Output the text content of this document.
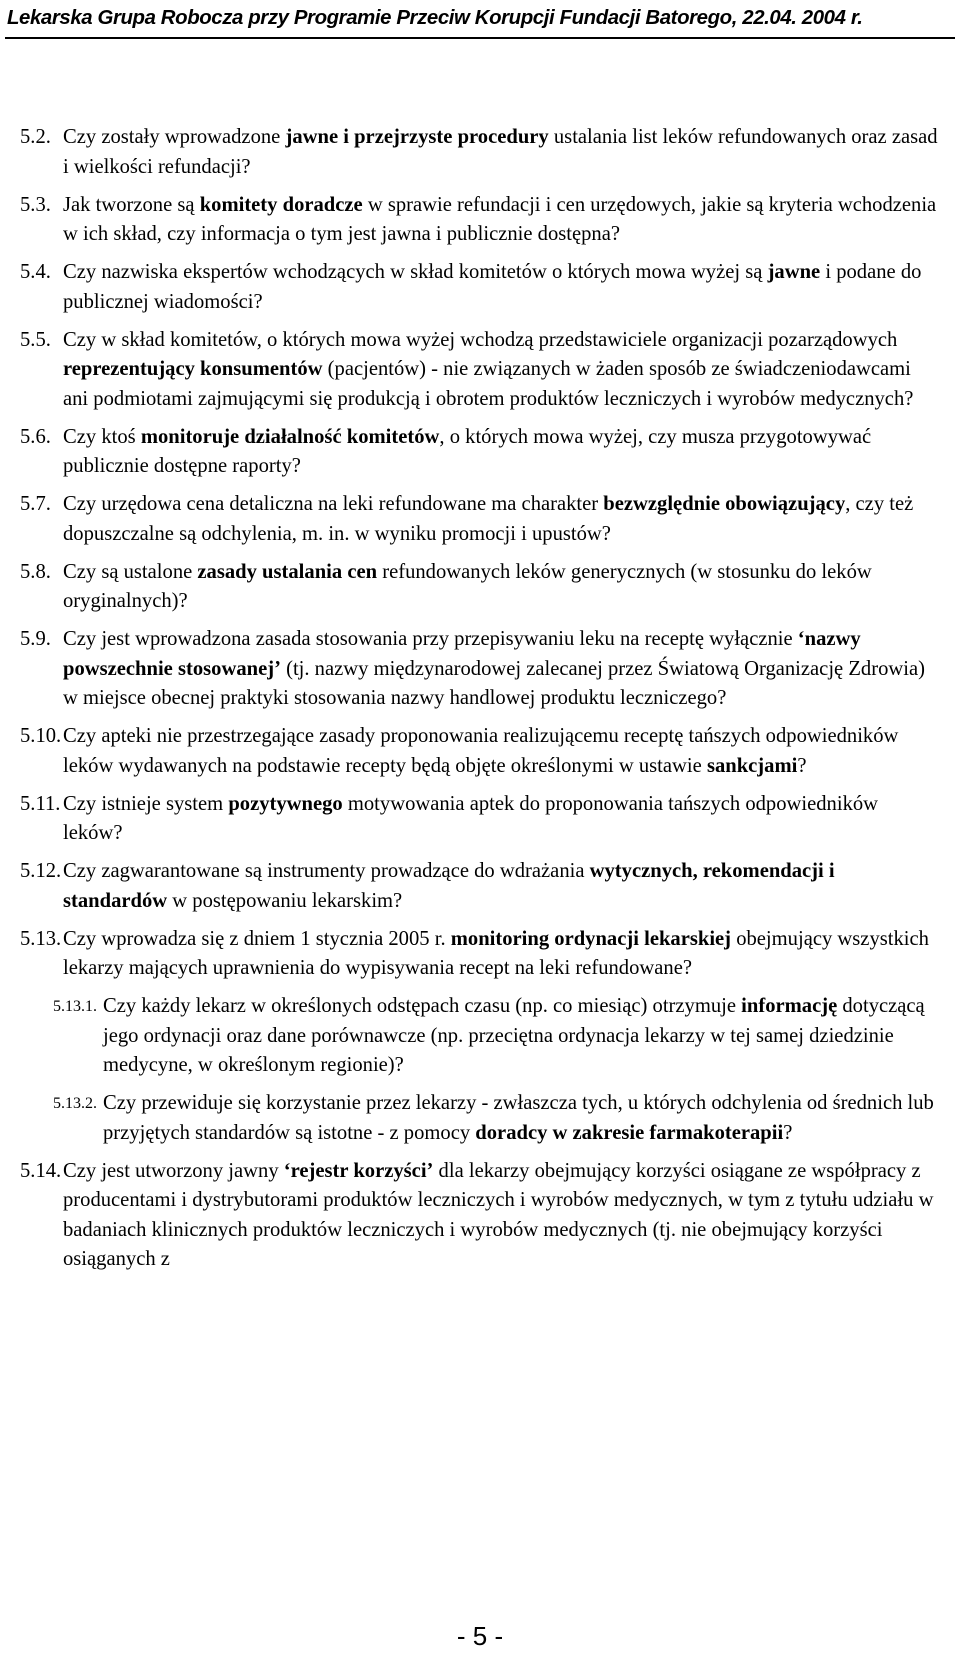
Lekarska Grupa Robocza przy Programie Przeciw Korupcji Fundacji Batorego, 22.04. 2004 r.
5.2. Czy zostały wprowadzone jawne i przejrzyste procedury ustalania list leków refundowanych oraz zasad i wielkości refundacji?

5.3. Jak tworzone są komitety doradcze w sprawie refundacji i cen urzędowych, jakie są kryteria wchodzenia w ich skład, czy informacja o tym jest jawna i publicznie dostępna?

5.4. Czy nazwiska ekspertów wchodzących w skład komitetów o których mowa wyżej są jawne i podane do publicznej wiadomości?

5.5. Czy w skład komitetów, o których mowa wyżej wchodzą przedstawiciele organizacji pozarządowych reprezentujący konsumentów (pacjentów) - nie związanych w żaden sposób ze świadczeniodawcami ani podmiotami zajmującymi się produkcją i obrotem produktów leczniczych i wyrobów medycznych?

5.6. Czy ktoś monitoruje działalność komitetów, o których mowa wyżej, czy musza przygotowywać publicznie dostępne raporty?

5.7. Czy urzędowa cena detaliczna na leki refundowane ma charakter bezwzględnie obowiązujący, czy też dopuszczalne są odchylenia, m. in. w wyniku promocji i upustów?

5.8. Czy są ustalone zasady ustalania cen refundowanych leków generycznych (w stosunku do leków oryginalnych)?

5.9. Czy jest wprowadzona zasada stosowania przy przepisywaniu leku na receptę wyłącznie ‘nazwy powszechnie stosowanej’ (tj. nazwy międzynarodowej zalecanej przez Światową Organizację Zdrowia) w miejsce obecnej praktyki stosowania nazwy handlowej produktu leczniczego?

5.10. Czy apteki nie przestrzegające zasady proponowania realizującemu receptę tańszych odpowiedników leków wydawanych na podstawie recepty będą objęte określonymi w ustawie sankcjami?

5.11. Czy istnieje system pozytywnego motywowania aptek do proponowania tańszych odpowiedników leków?

5.12. Czy zagwarantowane są instrumenty prowadzące do wdrażania wytycznych, rekomendacji i standardów w postępowaniu lekarskim?

5.13. Czy wprowadza się z dniem 1 stycznia 2005 r. monitoring ordynacji lekarskiej obejmujący wszystkich lekarzy mających uprawnienia do wypisywania recept na leki refundowane?

5.13.1. Czy każdy lekarz w określonych odstępach czasu (np. co miesiąc) otrzymuje informację dotyczącą jego ordynacji oraz dane porównawcze (np. przeciętna ordynacja lekarzy w tej samej dziedzinie medycyne, w określonym regionie)?

5.13.2. Czy przewiduje się korzystanie przez lekarzy - zwłaszcza tych, u których odchylenia od średnich lub przyjętych standardów są istotne - z pomocy doradcy w zakresie farmakoterapii?

5.14. Czy jest utworzony jawny ‘rejestr korzyści’ dla lekarzy obejmujący korzyści osiągane ze współpracy z producentami i dystrybutorami produktów leczniczych i wyrobów medycznych, w tym z tytułu udziału w badaniach klinicznych produktów leczniczych i wyrobów medycznych (tj. nie obejmujący korzyści osiąganych z

- 5 -
